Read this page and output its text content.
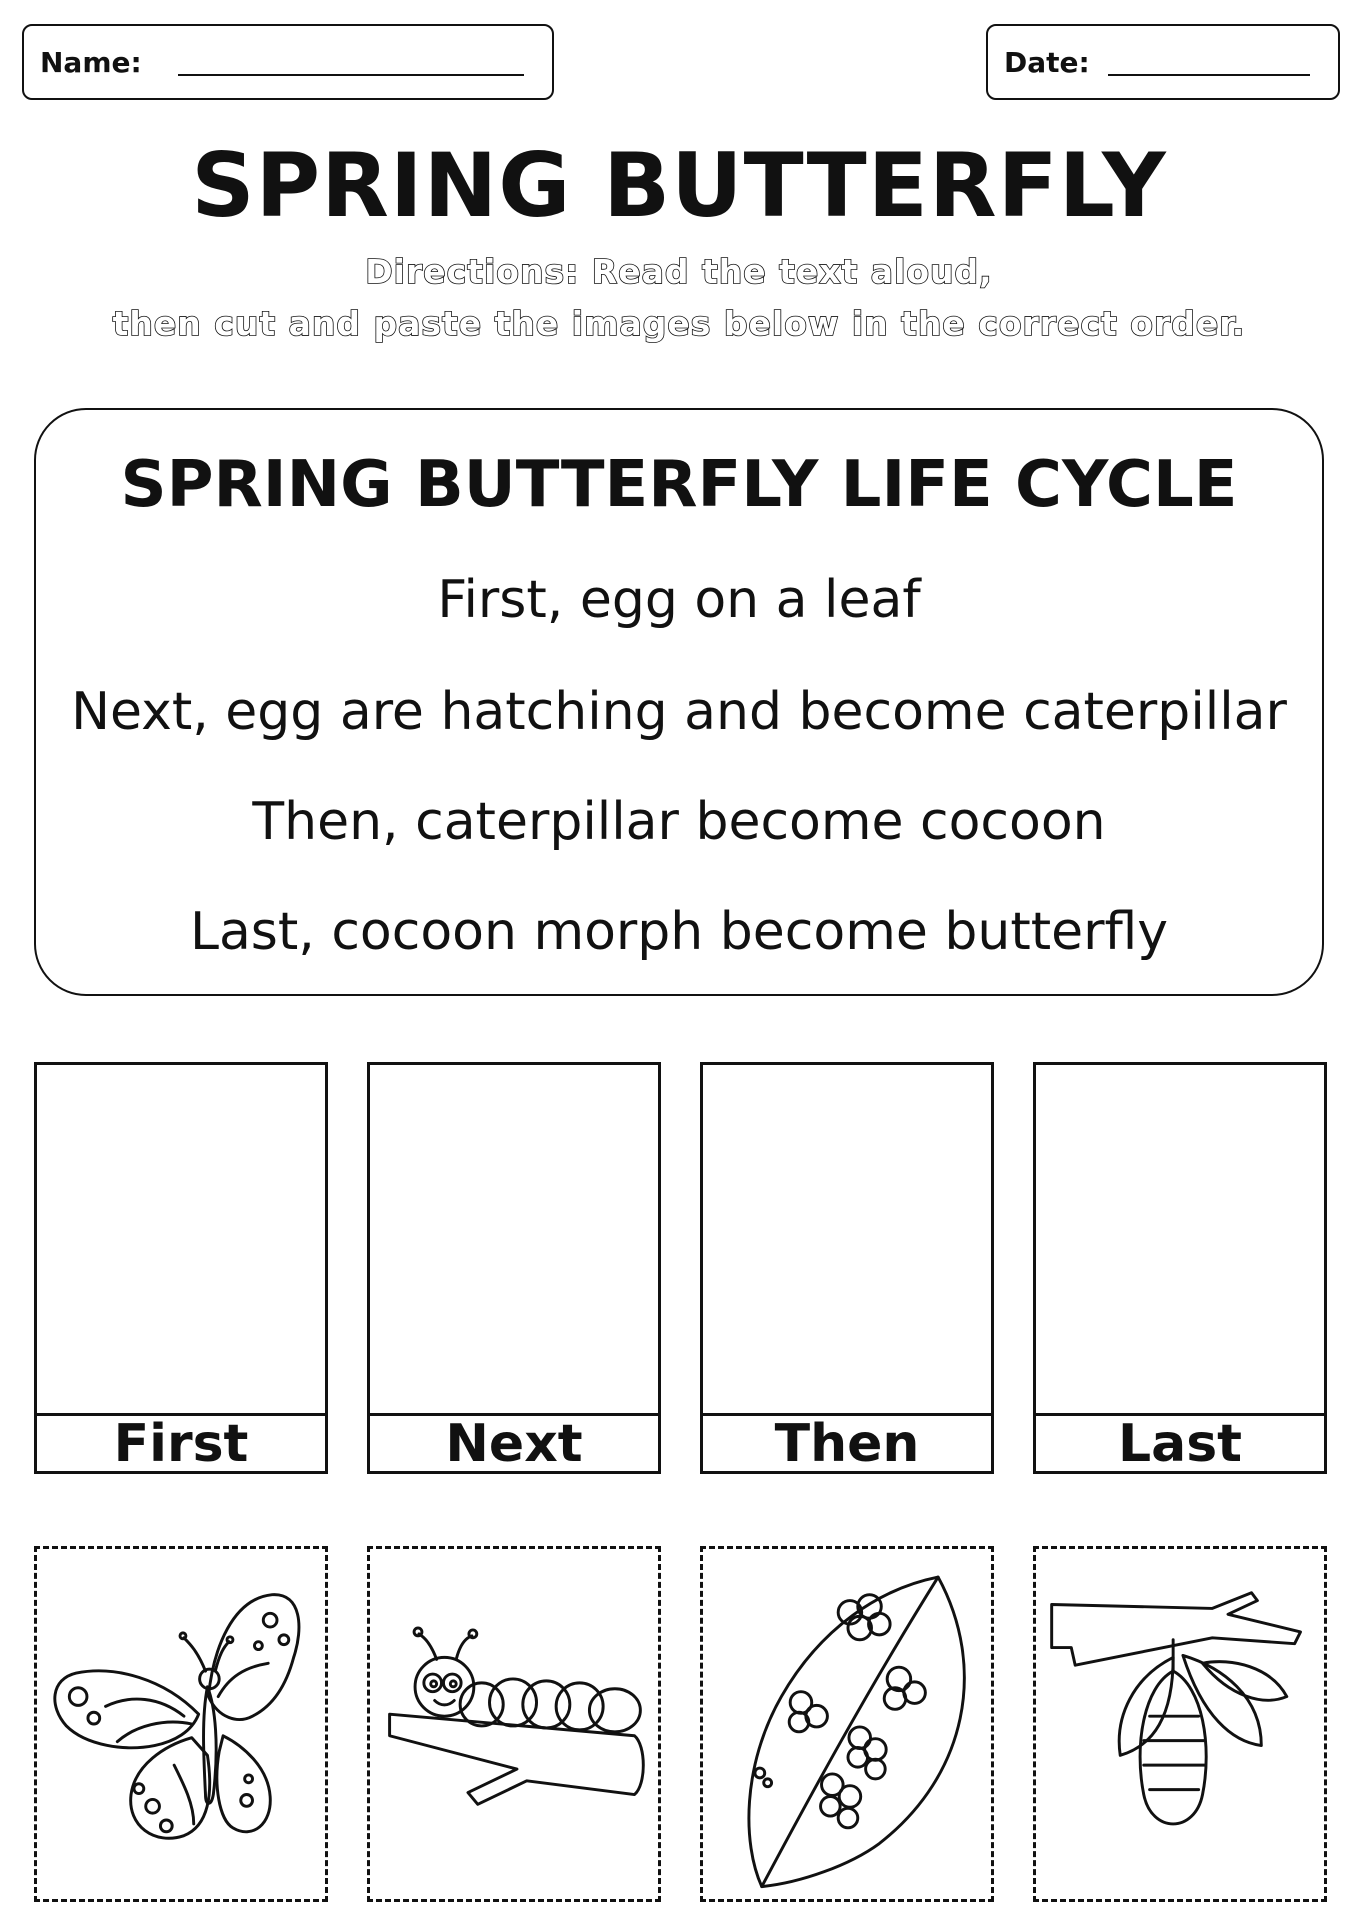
Name:	Date:
SPRING BUTTERFLY
Directions: Read the text aloud,
then cut and paste the images below in the correct order.
SPRING BUTTERFLY LIFE CYCLE
First, egg on a leaf
Next, egg are hatching and become caterpillar
Then, caterpillar become cocoon
Last, cocoon morph become butterfly
First	Next	Then	Last
